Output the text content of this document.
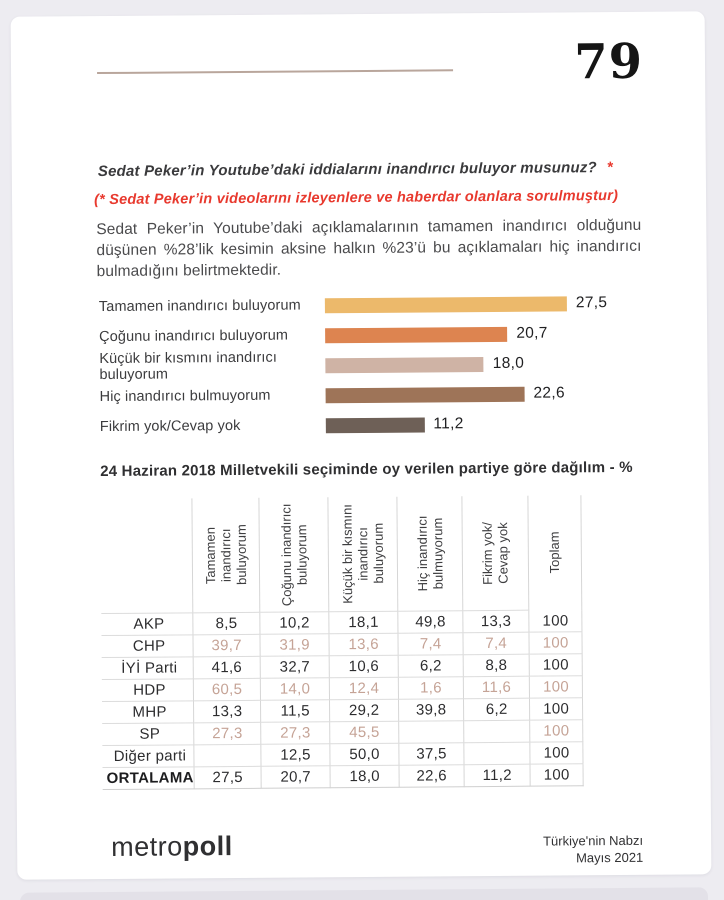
79
Sedat Peker’in Youtube’daki iddialarını inandırıcı buluyor musunuz? *
(* Sedat Peker’in videolarını izleyenlere ve haberdar olanlara sorulmuştur)

Sedat Peker’in Youtube’daki açıklamalarının tamamen inandırıcı olduğunu düşünen %28’lik kesimin aksine halkın %23’ü bu açıklamaları hiç inandırıcı bulmadığını belirtmektedir.

Tamamen inandırıcı buluyorum	27,5
Çoğunu inandırıcı buluyorum	20,7
Küçük bir kısmını inandırıcı buluyorum
18,0
Hiç inandırıcı bulmuyorum	22,6
Fikrim yok/Cevap yok	11,2
24 Haziran 2018 Milletvekili seçiminde oy verilen partiye göre dağılım - %

	Tamamen inandırıcı
buluyorum	Çoğunu inandırıcı
buluyorum	Küçük bir kısmını
inandırıcı
buluyorum	Hiç inandırıcı
bulmuyorum	Fikrim yok/
Cevap yok	Toplam

AKP	8,5	10,2	18,1	49,8	13,3	100
CHP	39,7	31,9	13,6	7,4	7,4	100
İYİ Parti	41,6	32,7	10,6	6,2	8,8	100
HDP	60,5	14,0	12,4	1,6	11,6	100
MHP	13,3	11,5	29,2	39,8	6,2	100
SP	27,3	27,3	45,5			100
Diğer parti		12,5	50,0	37,5		100
ORTALAMA	27,5	20,7	18,0	22,6	11,2	100
metropoll	Türkiye'nin Nabzı
Mayıs 2021
